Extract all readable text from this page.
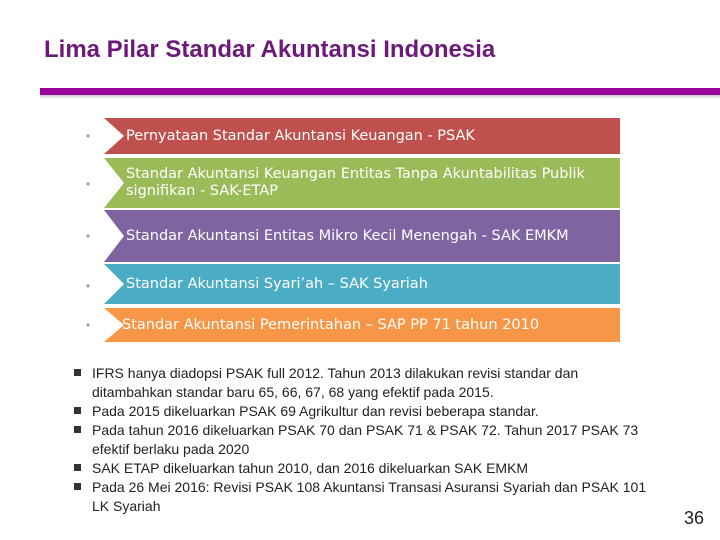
Lima Pilar Standar Akuntansi Indonesia
• Pernyataan Standar Akuntansi Keuangan - PSAK
•
Standar Akuntansi Keuangan Entitas Tanpa Akuntabilitas Publik signifikan - SAK-ETAP
• Standar Akuntansi Entitas Mikro Kecil Menengah - SAK EMKM
• Standar Akuntansi Syari’ah – SAK Syariah
• Standar Akuntansi Pemerintahan – SAP PP 71 tahun 2010
IFRS hanya diadopsi PSAK full 2012. Tahun 2013 dilakukan revisi standar dan ditambahkan standar baru 65, 66, 67, 68 yang efektif pada 2015.
Pada 2015 dikeluarkan PSAK 69 Agrikultur dan revisi beberapa standar.
Pada tahun 2016 dikeluarkan PSAK 70 dan PSAK 71 & PSAK 72. Tahun 2017 PSAK 73 efektif berlaku pada 2020
SAK ETAP dikeluarkan tahun 2010, dan 2016 dikeluarkan SAK EMKM
Pada 26 Mei 2016: Revisi PSAK 108 Akuntansi Transasi Asuransi Syariah dan PSAK 101 LK Syariah
36
